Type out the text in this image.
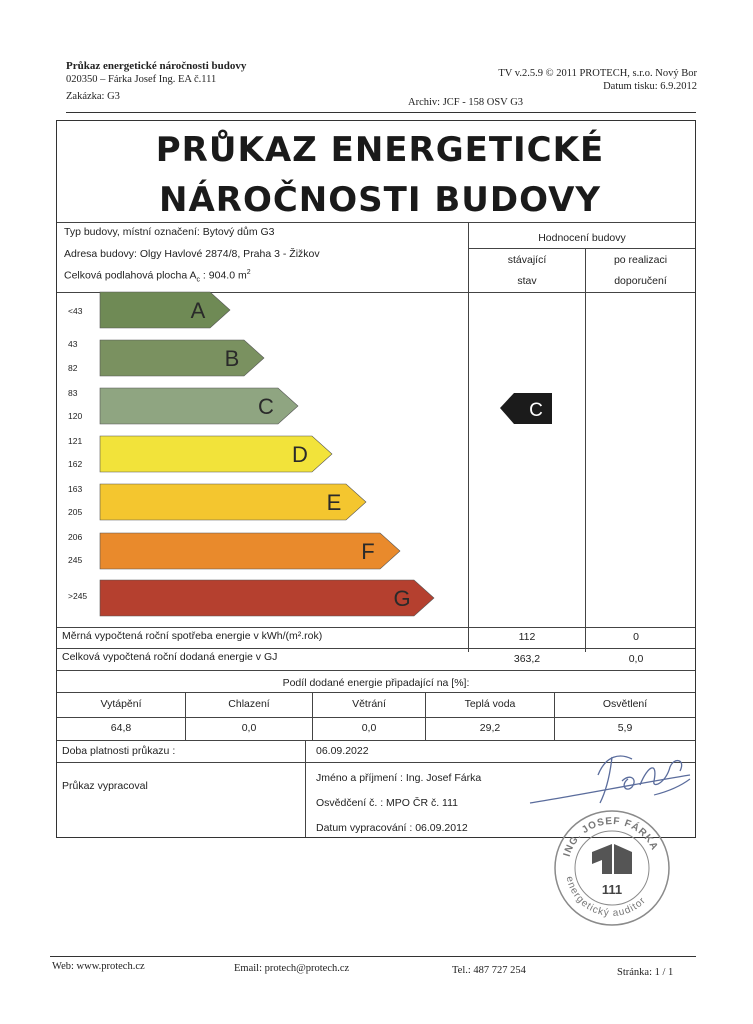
Průkaz energetické náročnosti budovy
020350 – Fárka Josef Ing. EA č.111
Zakázka: G3
TV v.2.5.9 © 2011 PROTECH, s.r.o. Nový Bor
Datum tisku: 6.9.2012
Archiv: JCF - 158 OSV G3
PRŮKAZ ENERGETICKÉ
NÁROČNOSTI BUDOVY
Typ budovy, místní označení: Bytový dům G3
Adresa budovy: Olgy Havlové 2874/8, Praha 3 - Žižkov
Celková podlahová plocha $A_c$ : 904.0 $m^2$
Hodnocení budovy
stávající
stav
po realizaci
doporučení
A
B
C
D
E
F
G
C
<43
43
82
83
120
121
162
163
205
206
245
>245
Měrná vypočtená roční spotřeba energie v kWh/(m².rok)	112	0
Celková vypočtená roční dodaná energie v GJ	363,2	0,0
Podíl dodané energie připadající na [%]:
Vytápění	Chlazení	Větrání	Teplá voda	Osvětlení
64,8	0,0	0,0	29,2	5,9
Doba platnosti průkazu :	06.09.2022
Průkaz vypracoval
Jméno a příjmení : Ing. Josef Fárka
Osvědčení č. : MPO ČR č. 111
Datum vypracování : 06.09.2012
ING. JOSEF FÁRKA
energetický auditor
111
Web: www.protech.cz	Email: protech@protech.cz	Tel.: 487 727 254	Stránka: 1 / 1
